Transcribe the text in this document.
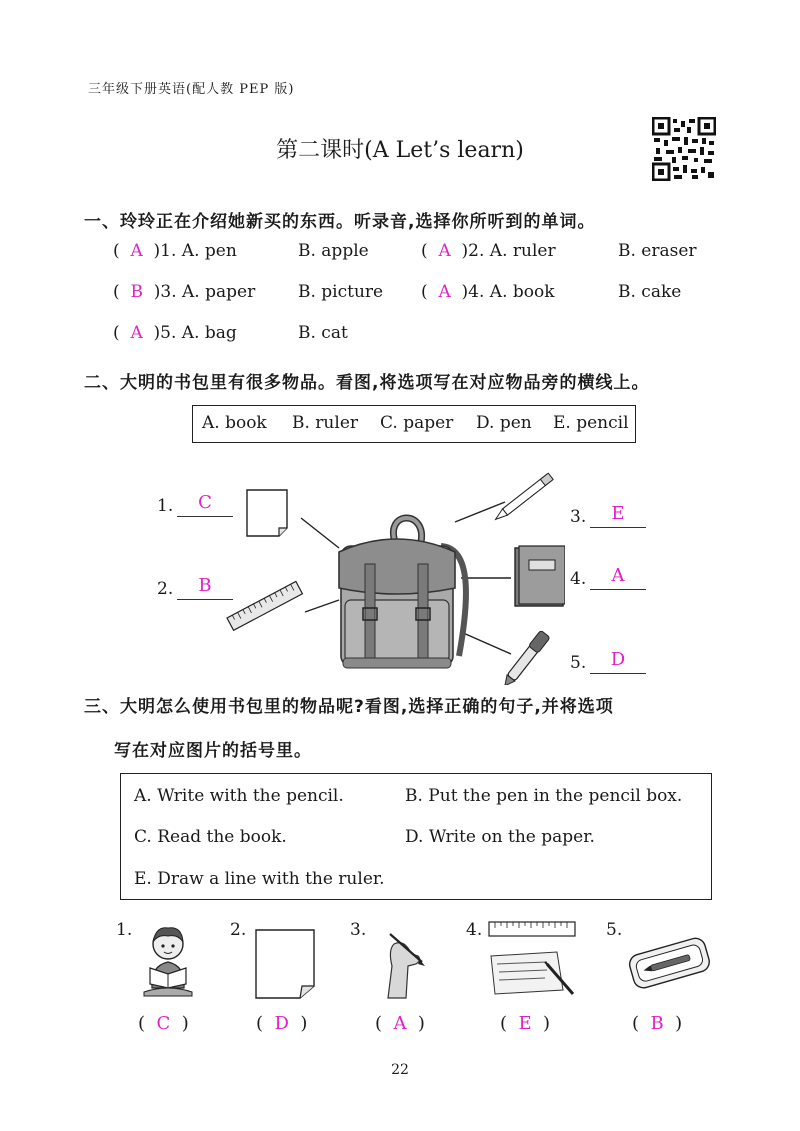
三年级下册英语(配人教 PEP 版)
第二课时(A Let’s learn)
一、玲玲正在介绍她新买的东西。听录音,选择你所听到的单词。
( A )1. A. pen	B. apple	( A )2. A. ruler	B. eraser
( B )3. A. paper	B. picture ( A )4. A. book	B. cake
( A )5. A. bag	B. cat
二、大明的书包里有很多物品。看图,将选项写在对应物品旁的横线上。
A. book B. ruler C. paper D. pen E. pencil
1.	C
2.	B
3.	E
4.	A
5.	D
三、大明怎么使用书包里的物品呢?看图,选择正确的句子,并将选项
写在对应图片的括号里。
A. Write with the pencil.	B. Put the pen in the pencil box.
C. Read the book.	D. Write on the paper.
E. Draw a line with the ruler.
1.	2.	3.	4.	5.
(  C  )	(  D  )	(  A  )	(  E  )	(  B  )
22
